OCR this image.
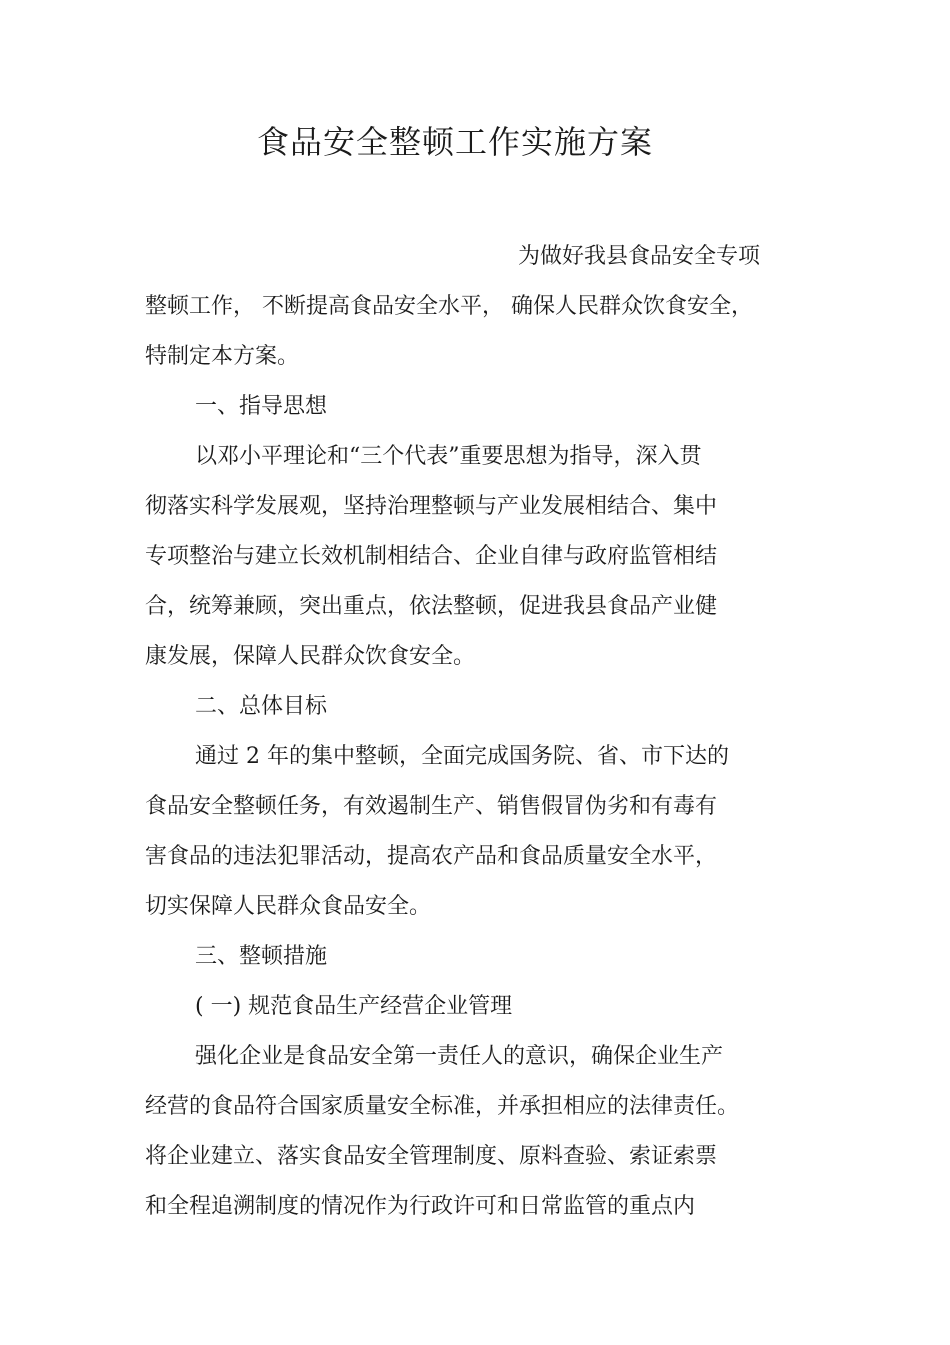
食品安全整顿工作实施方案
为做好我县食品安全专项
整顿工作， 不断提高食品安全水平， 确保人民群众饮食安全，
特制定本方案。
一、指导思想
以邓小平理论和“三个代表”重要思想为指导，深入贯
彻落实科学发展观，坚持治理整顿与产业发展相结合、集中
专项整治与建立长效机制相结合、企业自律与政府监管相结
合，统筹兼顾，突出重点，依法整顿，促进我县食品产业健
康发展，保障人民群众饮食安全。
二、总体目标
通过 2 年的集中整顿，全面完成国务院、省、市下达的
食品安全整顿任务，有效遏制生产、销售假冒伪劣和有毒有
害食品的违法犯罪活动，提高农产品和食品质量安全水平，
切实保障人民群众食品安全。
三、整顿措施
( 一) 规范食品生产经营企业管理
强化企业是食品安全第一责任人的意识，确保企业生产
经营的食品符合国家质量安全标准，并承担相应的法律责任。
将企业建立、落实食品安全管理制度、原料查验、索证索票
和全程追溯制度的情况作为行政许可和日常监管的重点内
